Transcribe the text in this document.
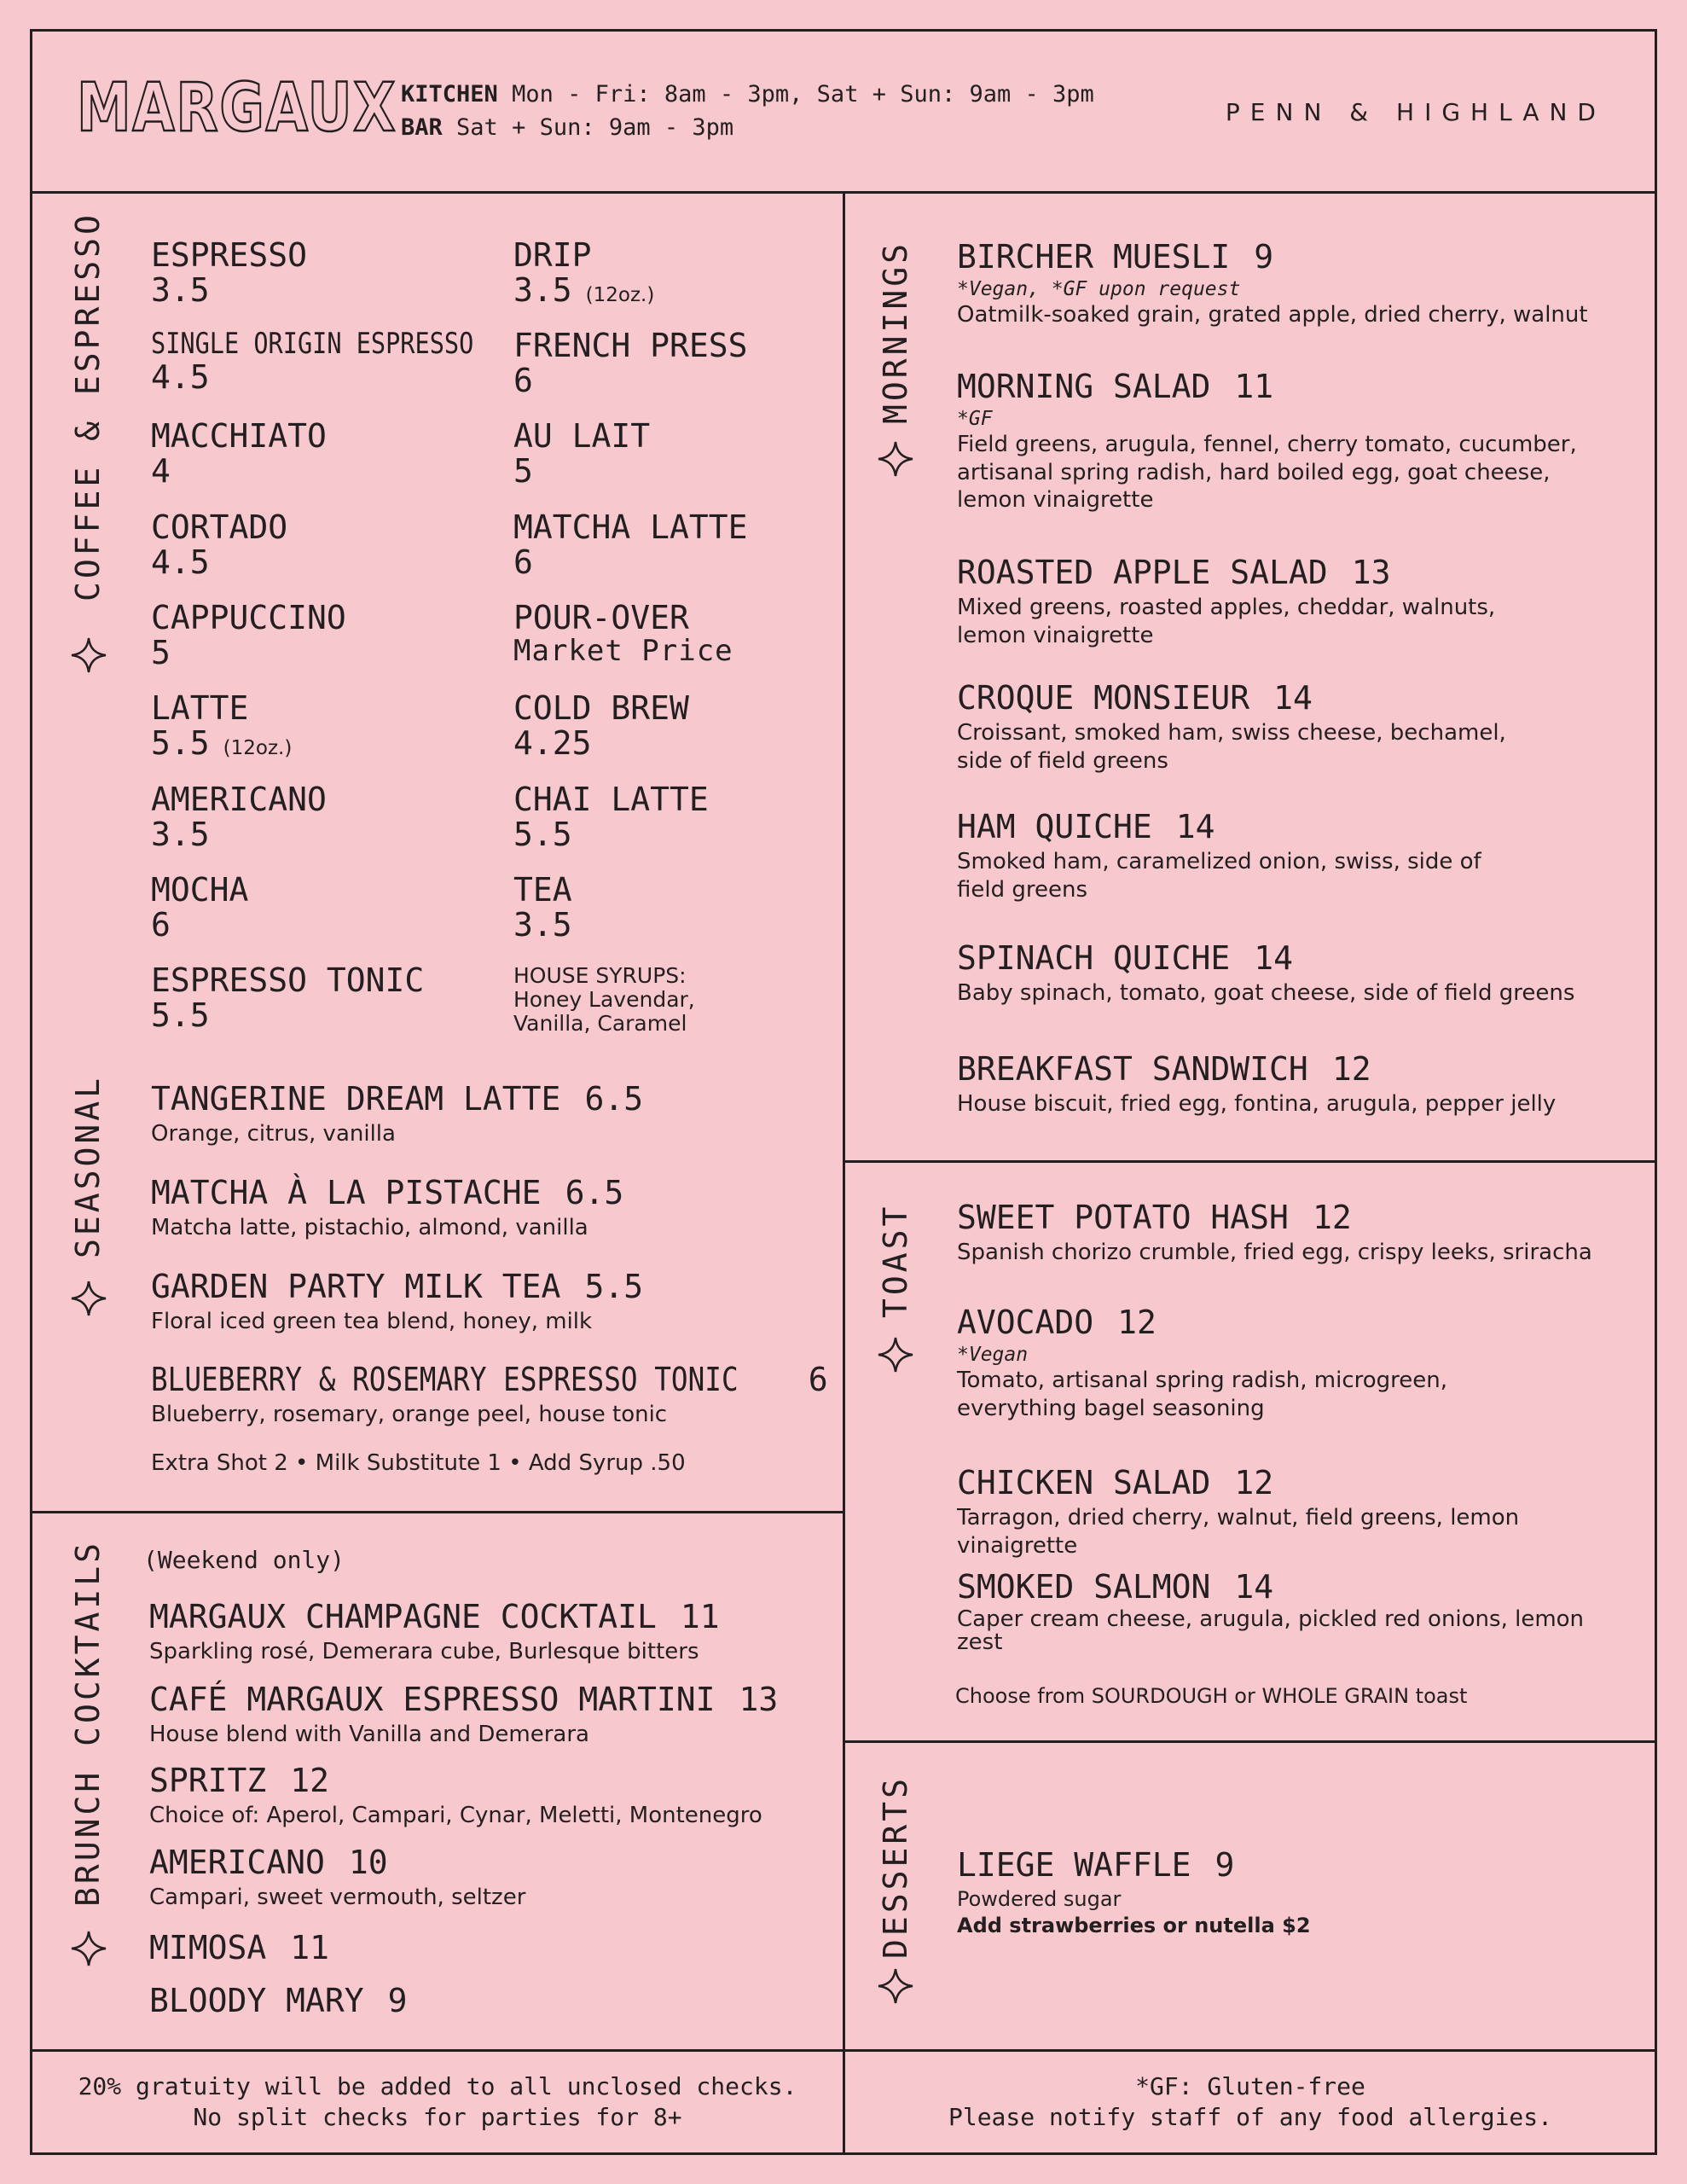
MARGAUX KITCHEN Mon - Fri: 8am - 3pm, Sat + Sun: 9am - 3pm
BAR Sat + Sun: 9am - 3pm
PENN & HIGHLAND
COFFEE & ESPRESSO ESPRESSO
3.5
SINGLE ORIGIN ESPRESSO
4.5
MACCHIATO
4
CORTADO
4.5
CAPPUCCINO
5
LATTE
5.5 (12oz.)
AMERICANO
3.5
MOCHA
6
ESPRESSO TONIC
5.5
DRIP
3.5 (12oz.)
FRENCH PRESS
6
AU LAIT
5
MATCHA LATTE
6
POUR-OVER
Market Price
COLD BREW
4.25
CHAI LATTE
5.5
TEA
3.5
HOUSE SYRUPS:
Honey Lavendar,
Vanilla, Caramel
SEASONAL TANGERINE DREAM LATTE 6.5
Orange, citrus, vanilla
MATCHA À LA PISTACHE 6.5
Matcha latte, pistachio, almond, vanilla
GARDEN PARTY MILK TEA 5.5
Floral iced green tea blend, honey, milk
BLUEBERRY & ROSEMARY ESPRESSO TONIC 6
Blueberry, rosemary, orange peel, house tonic
Extra Shot 2 • Milk Substitute 1 • Add Syrup .50
BRUNCH COCKTAILS (Weekend only)
MARGAUX CHAMPAGNE COCKTAIL 11
Sparkling rosé, Demerara cube, Burlesque bitters
CAFÉ MARGAUX ESPRESSO MARTINI 13
House blend with Vanilla and Demerara
SPRITZ 12
Choice of: Aperol, Campari, Cynar, Meletti, Montenegro
AMERICANO 10
Campari, sweet vermouth, seltzer
MIMOSA 11
BLOODY MARY 9
MORNINGS BIRCHER MUESLI 9
*Vegan, *GF upon request
Oatmilk-soaked grain, grated apple, dried cherry, walnut
MORNING SALAD 11
*GF
Field greens, arugula, fennel, cherry tomato, cucumber, artisanal spring radish, hard boiled egg, goat cheese, lemon vinaigrette
ROASTED APPLE SALAD 13
Mixed greens, roasted apples, cheddar, walnuts, lemon vinaigrette
CROQUE MONSIEUR 14
Croissant, smoked ham, swiss cheese, bechamel, side of field greens
HAM QUICHE 14
Smoked ham, caramelized onion, swiss, side of field greens
SPINACH QUICHE 14
Baby spinach, tomato, goat cheese, side of field greens
BREAKFAST SANDWICH 12
House biscuit, fried egg, fontina, arugula, pepper jelly
TOAST SWEET POTATO HASH 12
Spanish chorizo crumble, fried egg, crispy leeks, sriracha
AVOCADO 12
*Vegan
Tomato, artisanal spring radish, microgreen, everything bagel seasoning
CHICKEN SALAD 12
Tarragon, dried cherry, walnut, field greens, lemon vinaigrette
SMOKED SALMON 14
Caper cream cheese, arugula, pickled red onions, lemon zest
Choose from SOURDOUGH or WHOLE GRAIN toast
DESSERTS LIEGE WAFFLE 9
Powdered sugar
Add strawberries or nutella $2
20% gratuity will be added to all unclosed checks.
No split checks for parties for 8+
*GF: Gluten-free
Please notify staff of any food allergies.
